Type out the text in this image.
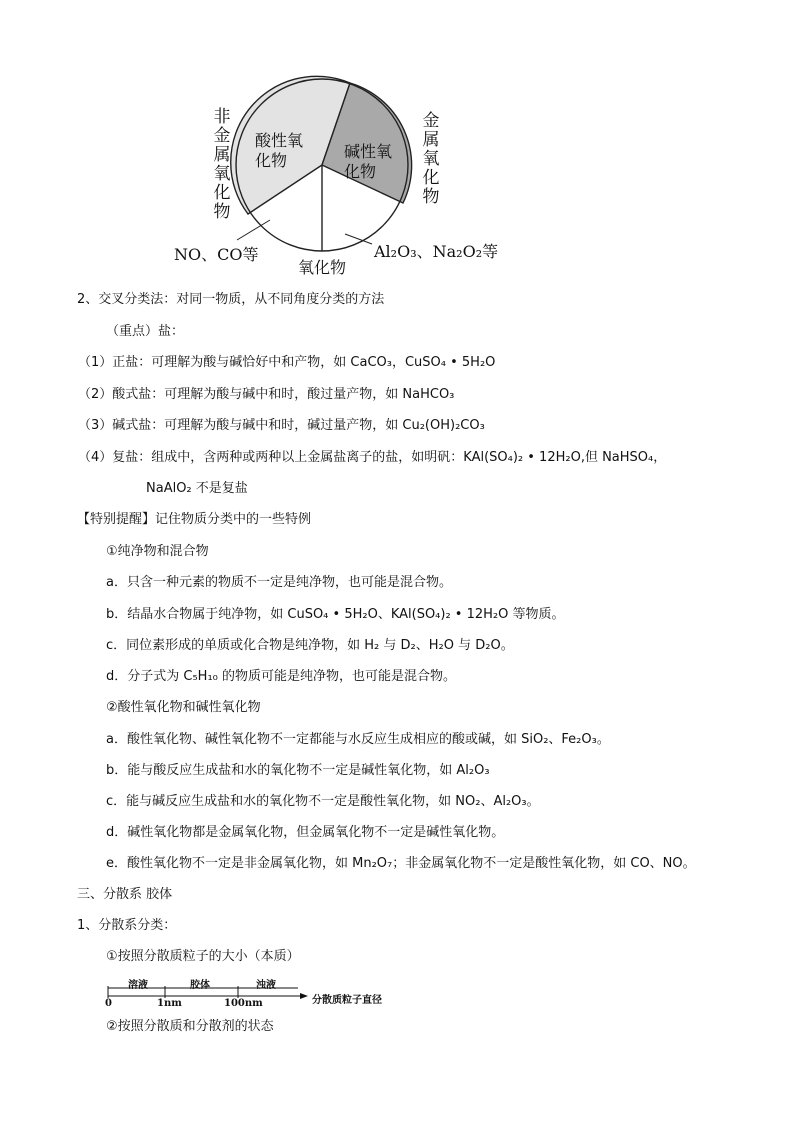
非
金
属
氧
化
物
金
属
氧
化
物
酸性氧
化物	碱性氧
化物
NO、CO等	Al₂O₃、Na₂O₂等
氧化物
2、交叉分类法：对同一物质，从不同角度分类的方法
（重点）盐：
（1）正盐：可理解为酸与碱恰好中和产物，如 CaCO₃，CuSO₄ • 5H₂O
（2）酸式盐：可理解为酸与碱中和时，酸过量产物，如 NaHCO₃
（3）碱式盐：可理解为酸与碱中和时，碱过量产物，如 Cu₂(OH)₂CO₃
（4）复盐：组成中，含两种或两种以上金属盐离子的盐，如明矾：KAl(SO₄)₂ • 12H₂O,但 NaHSO₄，
NaAlO₂ 不是复盐
【特别提醒】记住物质分类中的一些特例
①纯净物和混合物
a．只含一种元素的物质不一定是纯净物，也可能是混合物。
b．结晶水合物属于纯净物，如 CuSO₄ • 5H₂O、KAl(SO₄)₂ • 12H₂O 等物质。
c．同位素形成的单质或化合物是纯净物，如 H₂ 与 D₂、H₂O 与 D₂O。
d．分子式为 C₅H₁₀ 的物质可能是纯净物，也可能是混合物。
②酸性氧化物和碱性氧化物
a．酸性氧化物、碱性氧化物不一定都能与水反应生成相应的酸或碱，如 SiO₂、Fe₂O₃。
b．能与酸反应生成盐和水的氧化物不一定是碱性氧化物，如 Al₂O₃
c．能与碱反应生成盐和水的氧化物不一定是酸性氧化物，如 NO₂、Al₂O₃。
d．碱性氧化物都是金属氧化物，但金属氧化物不一定是碱性氧化物。
e．酸性氧化物不一定是非金属氧化物，如 Mn₂O₇；非金属氧化物不一定是酸性氧化物，如 CO、NO。
三、分散系 胶体
1、分散系分类：
①按照分散质粒子的大小（本质）
溶液	胶体	浊液
0	1nm	100nm	分散质粒子直径
②按照分散质和分散剂的状态
